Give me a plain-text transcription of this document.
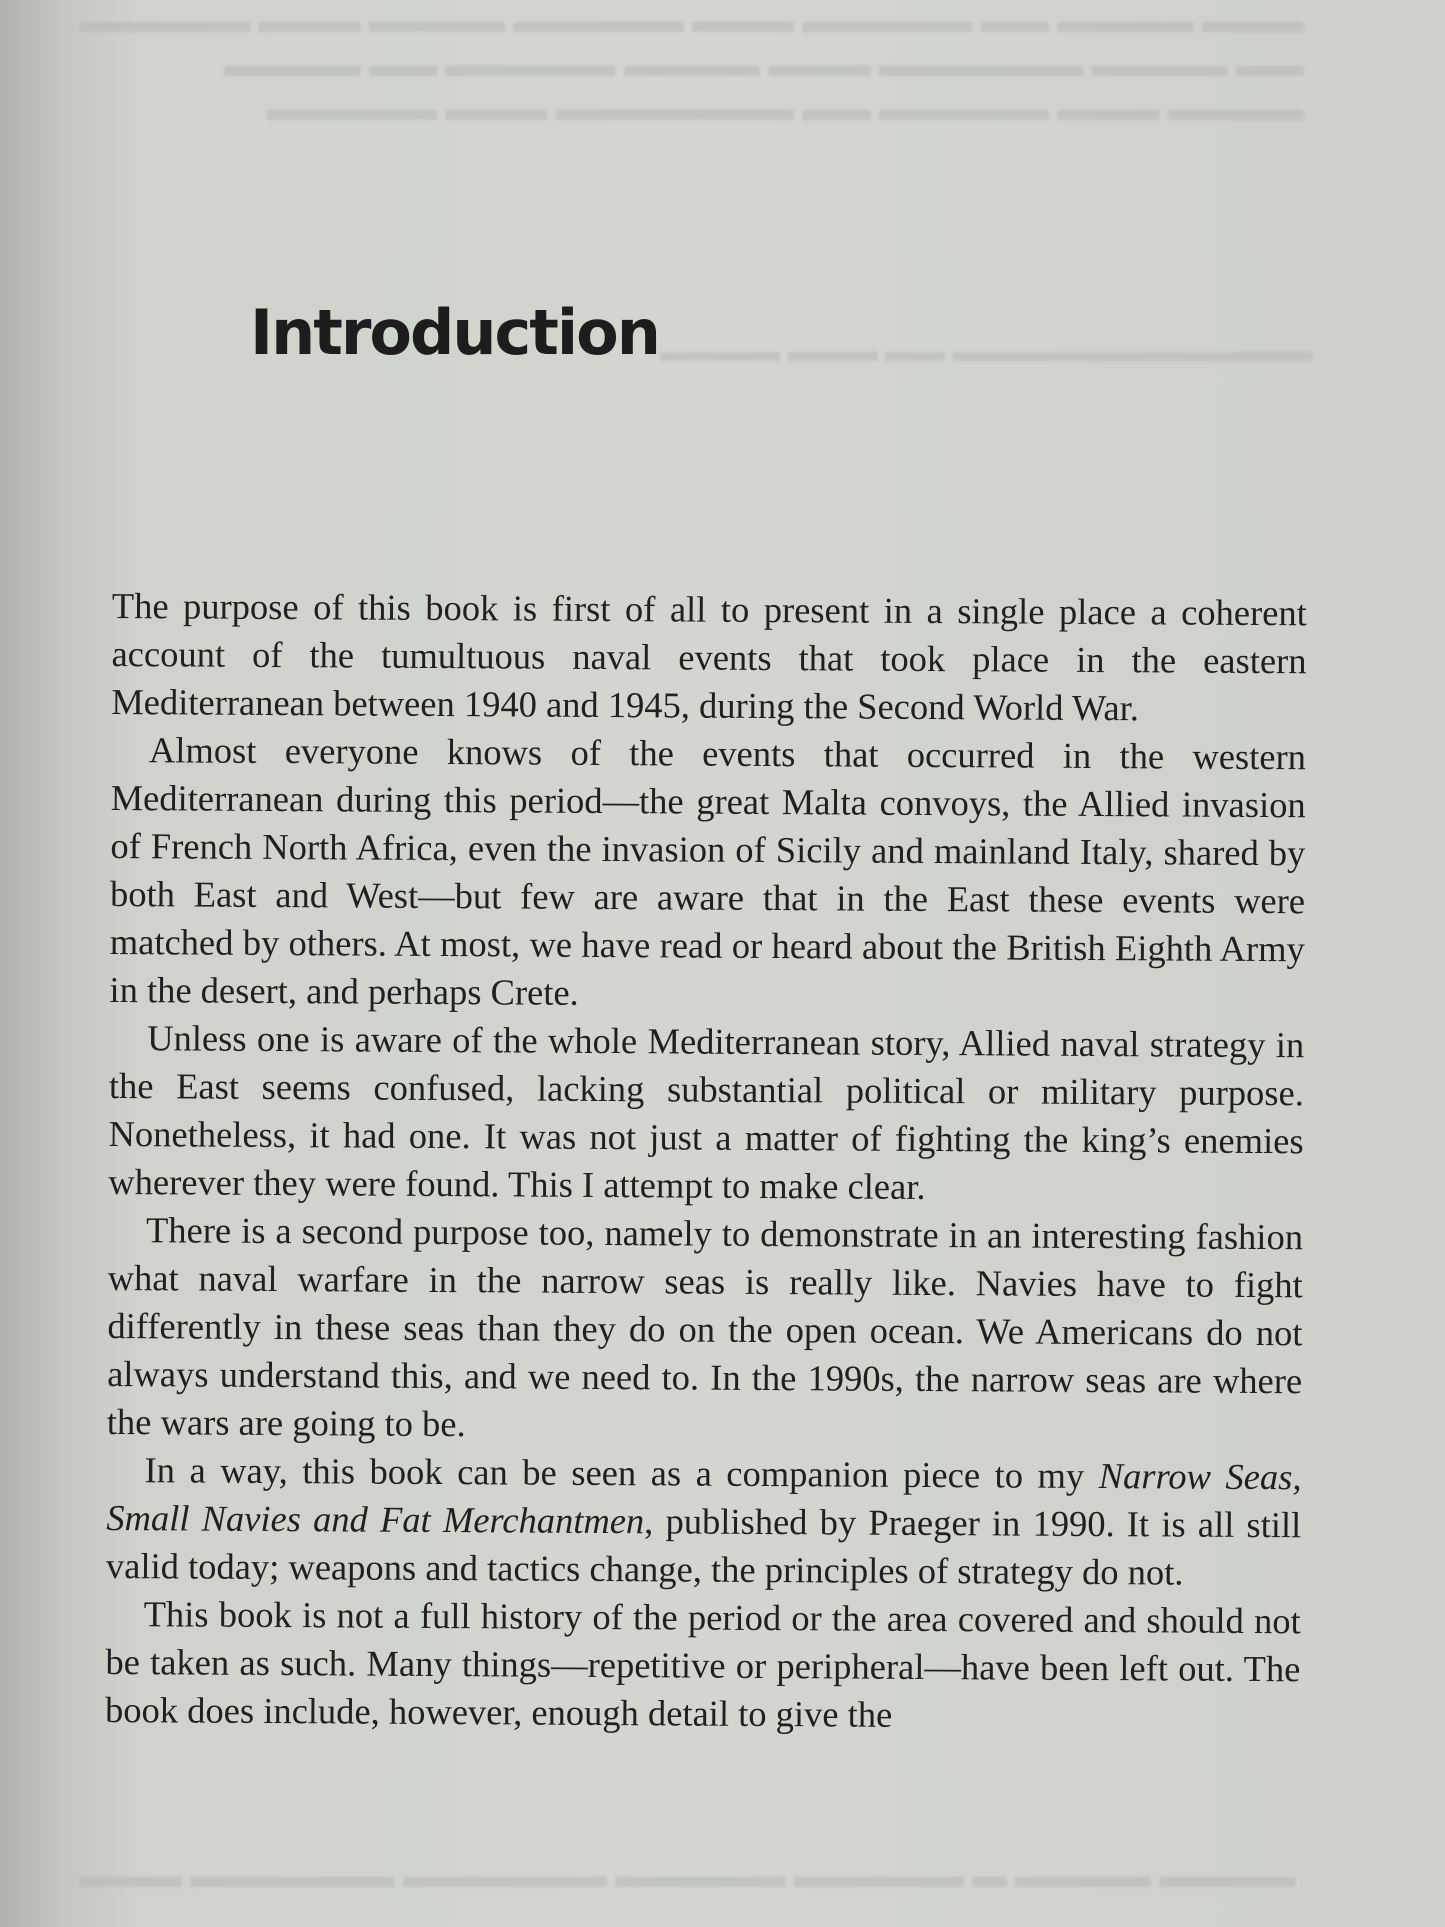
▬▬▬ ▬▬▬▬ ▬▬ ▬▬▬▬▬ ▬▬▬ ▬▬▬▬▬ ▬▬▬▬ ▬▬▬ ▬▬▬▬▬
▬▬ ▬▬▬▬ ▬▬▬▬▬▬ ▬▬▬ ▬▬▬▬ ▬▬▬▬▬ ▬▬ ▬▬▬▬
▬▬▬▬ ▬▬▬ ▬▬▬▬▬ ▬▬ ▬▬▬▬▬▬▬ ▬▬▬ ▬▬▬▬▬
▬▬▬▬▬▬▬▬▬▬▬▬ ▬▬ ▬▬▬ ▬▬▬▬
▬▬▬▬ ▬▬▬▬ ▬ ▬▬▬▬▬ ▬▬▬▬▬ ▬▬▬▬▬▬ ▬▬▬▬▬▬ ▬▬▬
Introduction

The purpose of this book is first of all to present in a single place a coherent account of the tumultuous naval events that took place in the eastern Mediterranean between 1940 and 1945, during the Second World War.

Almost everyone knows of the events that occurred in the western Mediterranean during this period—the great Malta convoys, the Allied invasion of French North Africa, even the invasion of Sicily and mainland Italy, shared by both East and West—but few are aware that in the East these events were matched by others. At most, we have read or heard about the British Eighth Army in the desert, and perhaps Crete.

Unless one is aware of the whole Mediterranean story, Allied naval strategy in the East seems confused, lacking substantial political or military purpose. Nonetheless, it had one. It was not just a matter of fighting the king’s enemies wherever they were found. This I attempt to make clear.

There is a second purpose too, namely to demonstrate in an interesting fashion what naval warfare in the narrow seas is really like. Navies have to fight differently in these seas than they do on the open ocean. We Americans do not always understand this, and we need to. In the 1990s, the narrow seas are where the wars are going to be.

In a way, this book can be seen as a companion piece to my Narrow Seas, Small Navies and Fat Merchantmen, published by Praeger in 1990. It is all still valid today; weapons and tactics change, the principles of strategy do not.

This book is not a full history of the period or the area covered and should not be taken as such. Many things—repetitive or peripheral—have been left out. The book does include, however, enough detail to give the
